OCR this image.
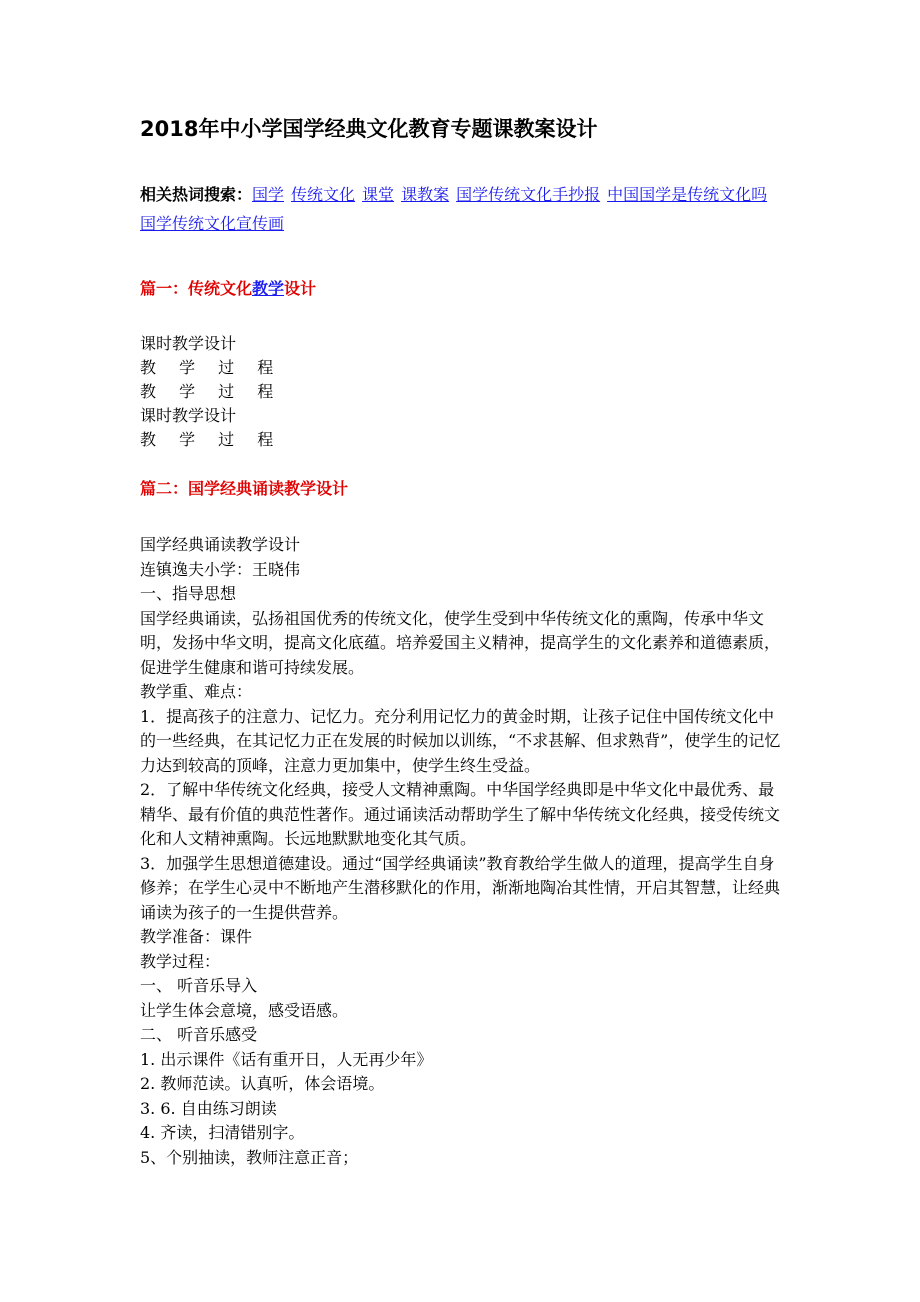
2018年中小学国学经典文化教育专题课教案设计
相关热词搜索：国学 传统文化 课堂 课教案 国学传统文化手抄报 中国国学是传统文化吗国学传统文化宣传画
篇一：传统文化教学设计
课时教学设计
教 学 过 程
教 学 过 程
课时教学设计
教 学 过 程
篇二：国学经典诵读教学设计
国学经典诵读教学设计
连镇逸夫小学：王晓伟
一、指导思想
国学经典诵读，弘扬祖国优秀的传统文化，使学生受到中华传统文化的熏陶，传承中华文明，发扬中华文明，提高文化底蕴。培养爱国主义精神，提高学生的文化素养和道德素质，促进学生健康和谐可持续发展。
教学重、难点：
1．提高孩子的注意力、记忆力。充分利用记忆力的黄金时期，让孩子记住中国传统文化中的一些经典，在其记忆力正在发展的时候加以训练，“不求甚解、但求熟背”，使学生的记忆力达到较高的顶峰，注意力更加集中，使学生终生受益。
2．了解中华传统文化经典，接受人文精神熏陶。中华国学经典即是中华文化中最优秀、最精华、最有价值的典范性著作。通过诵读活动帮助学生了解中华传统文化经典，接受传统文化和人文精神熏陶。长远地默默地变化其气质。
3．加强学生思想道德建设。通过“国学经典诵读”教育教给学生做人的道理，提高学生自身修养；在学生心灵中不断地产生潜移默化的作用，渐渐地陶冶其性情，开启其智慧，让经典诵读为孩子的一生提供营养。
教学准备：课件
教学过程：
一、 听音乐导入
让学生体会意境，感受语感。
二、 听音乐感受
1. 出示课件《话有重开日，人无再少年》
2. 教师范读。认真听，体会语境。
3. 6. 自由练习朗读
4. 齐读，扫清错别字。
5、个别抽读，教师注意正音；
